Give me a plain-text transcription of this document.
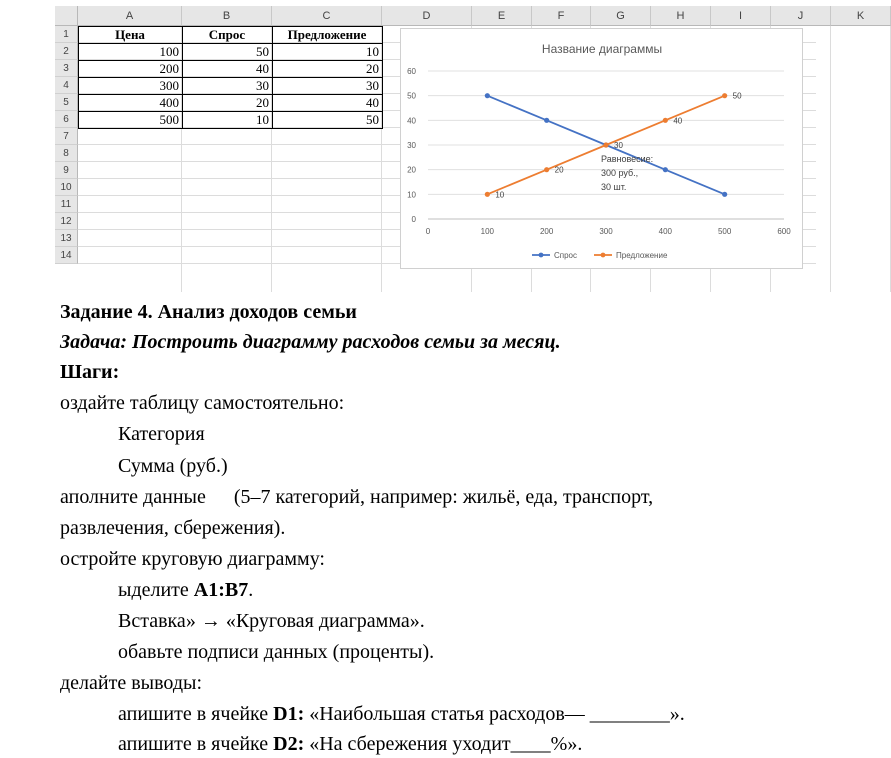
A	B	C	D	E	F	G	H	I	J	K
1
2
3
4
5
6
7
8
9
10
11
12
13
14
Цена	Спрос	Предложение
100	50	10
200	40	20
300	30	30
400	20	40
500	10	50
Название диаграммы
0
10
20
30
40
50
60
0	100	200	300	400	500	600
10
20
30
40
50
Равновесие:
300 руб.,
30 шт.
Спрос	Предложение
Задание 4. Анализ доходов семьи
Задача: Построить диаграмму расходов семьи за месяц.
Шаги:
оздайте таблицу самостоятельно:
Категория
Сумма (руб.)
аполните данные (5–7 категорий, например: жильё, еда, транспорт,
развлечения, сбережения).
остройте круговую диаграмму:
ыделите A1:B7.
Вставка» → «Круговая диаграмма».
обавьте подписи данных (проценты).
делайте выводы:
апишите в ячейке D1: «Наибольшая статья расходов— ________».
апишите в ячейке D2: «На сбережения уходит____%».
